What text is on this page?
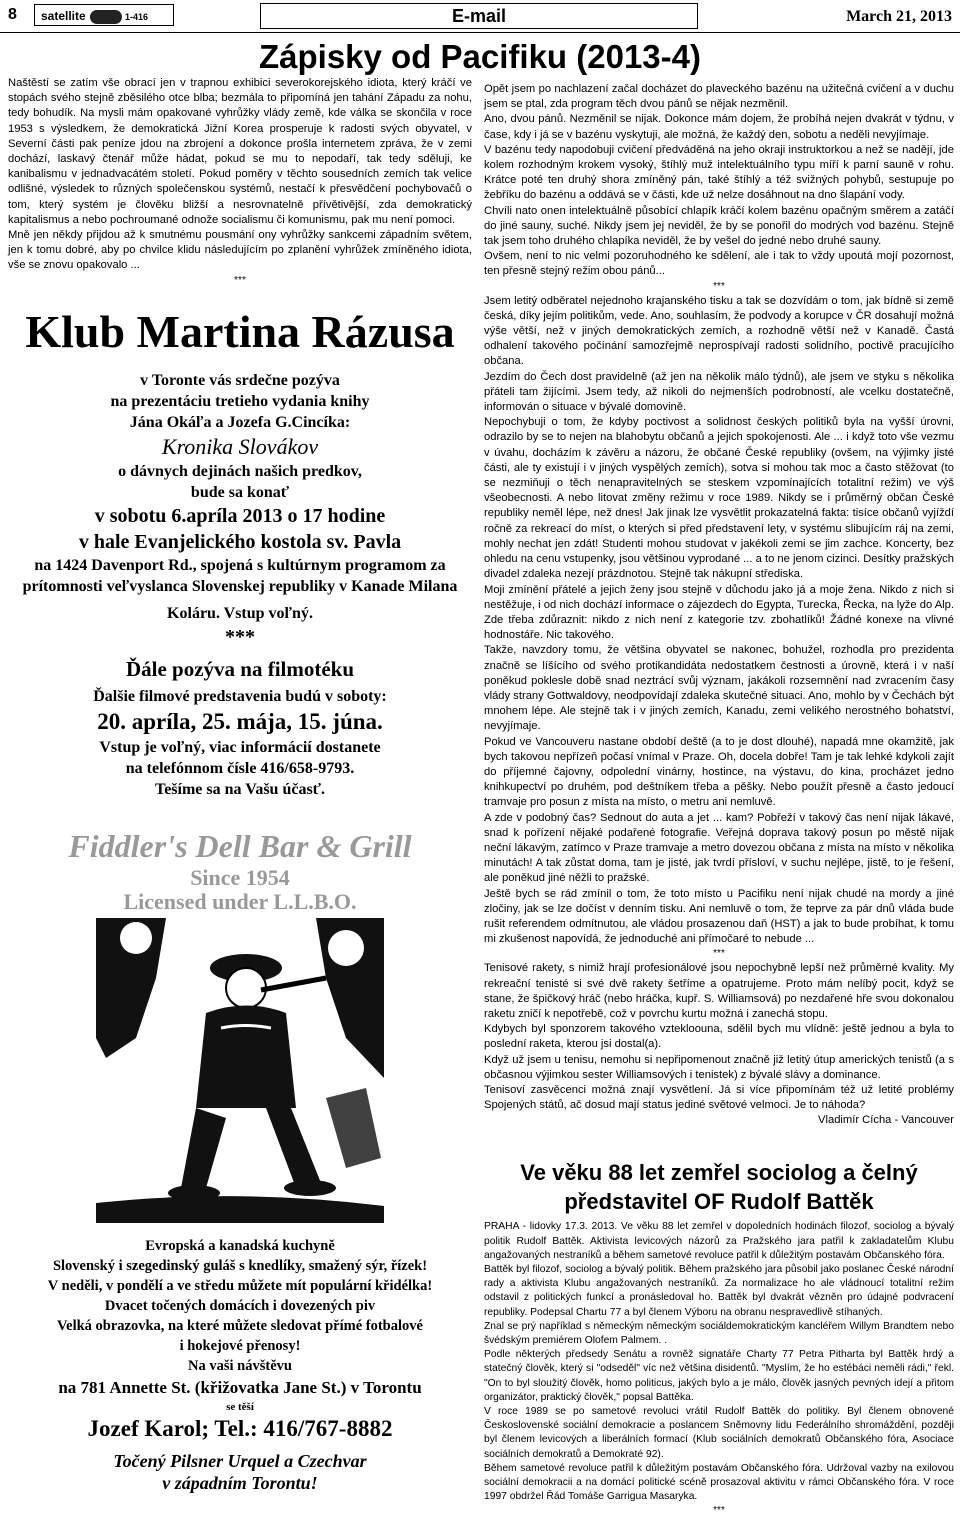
8	satellite	1-416	E-mail	March 21, 2013
Zápisky od Pacifiku (2013-4)

Naštěstí se zatím vše obrací jen v trapnou exhibici severokorejského idiota, který kráčí ve stopách svého stejně zběsilého otce blba; bezmála to připomíná jen tahání Západu za nohu, tedy bohudík. Na mysli mám opakované vyhrůžky vlády země, kde válka se skončila v roce 1953 s výsledkem, že demokratická Jižní Korea prosperuje k radosti svých obyvatel, v Severní části pak peníze jdou na zbrojení a dokonce prošla internetem zpráva, že v zemi dochází, laskavý čtenář může hádat, pokud se mu to nepodaří, tak tedy sděluji, ke kanibalismu v jednadvacátém století. Pokud poměry v těchto sousedních zemích tak velice odlišné, výsledek to různých společenskou systémů, nestačí k přesvědčení pochybovačů o tom, který systém je člověku bližší a nesrovnatelně přívětivější, zda demokratický kapitalismus a nebo pochroumané odnože socialismu či komunismu, pak mu není pomoci.

Mně jen někdy přijdou až k smutnému pousmání ony vyhrůžky sankcemi západním světem, jen k tomu dobré, aby po chvilce klidu následujícím po zplanění vyhrůžek zmíněného idiota, vše se znovu opakovalo ...

***
Klub Martina Rázusa
v Toronte vás srdečne pozýva
na prezentáciu tretieho vydania knihy
Jána Okáľa a Jozefa G.Cincíka:
Kronika Slovákov
o dávnych dejinách našich predkov,
bude sa konať
v sobotu 6.apríla 2013 o 17 hodine
v hale Evanjelického kostola sv. Pavla
na 1424 Davenport Rd., spojená s kultúrnym programom za
prítomnosti veľvyslanca Slovenskej republiky v Kanade Milana
Koláru. Vstup voľný.
***
Ďále pozýva na filmotéku
Ďalšie filmové predstavenia budú v soboty:
20. apríla, 25. mája, 15. júna.
Vstup je voľný, viac informácií dostanete
na telefónnom čísle 416/658-9793.
Tešíme sa na Vašu účasť.
Fiddler's Dell Bar & Grill
Since 1954
Licensed under L.L.B.O.
Evropská a kanadská kuchyně
Slovenský i szegedinský guláš s knedlíky, smažený sýr, řízek!
V neděli, v pondělí a ve středu můžete mít populární křidélka!
Dvacet točených domácích i dovezených piv
Velká obrazovka, na které můžete sledovat přímé fotbalové
i hokejové přenosy!
Na vaši návštěvu
na 781 Annette St. (křižovatka Jane St.) v Torontu
se těší
Jozef Karol; Tel.: 416/767-8882
Točený Pilsner Urquel a Czechvar
v západním Torontu!

Opět jsem po nachlazení začal docházet do plaveckého bazénu na užitečná cvičení a v duchu jsem se ptal, zda program těch dvou pánů se nějak nezměnil.

Ano, dvou pánů. Nezměnil se nijak. Dokonce mám dojem, že probíhá nejen dvakrát v týdnu, v čase, kdy i já se v bazénu vyskytuji, ale možná, že každý den, sobotu a neděli nevyjímaje.

V bazénu tedy napodobuji cvičení předváděná na jeho okraji instruktorkou a než se nadějí, jde kolem rozhodným krokem vysoký, štíhlý muž intelektuálního typu míří k parní sauně v rohu. Krátce poté ten druhý shora zmíněný pán, také štíhlý a též svižných pohybů, sestupuje po žebříku do bazénu a oddává se v části, kde už nelze dosáhnout na dno šlapání vody.

Chvíli nato onen intelektuálně působící chlapík kráčí kolem bazénu opačným směrem a zatáčí do jiné sauny, suché. Nikdy jsem jej neviděl, že by se ponořil do modrých vod bazénu. Stejně tak jsem toho druhého chlapíka neviděl, že by vešel do jedné nebo druhé sauny.

Ovšem, není to nic velmi pozoruhodného ke sdělení, ale i tak to vždy upoutá mojí pozornost, ten přesně stejný režim obou pánů...

***

Jsem letitý odběratel nejednoho krajanského tisku a tak se dozvídám o tom, jak bídně si země česká, díky jejím politikům, vede. Ano, souhlasím, že podvody a korupce v ČR dosahují možná výše větší, než v jiných demokratických zemích, a rozhodně větší než v Kanadě. Častá odhalení takového počínání samozřejmě neprospívají radosti solidního, poctivě pracujícího občana.

Jezdím do Čech dost pravidelně (až jen na několik málo týdnů), ale jsem ve styku s několika přáteli tam žijícími. Jsem tedy, až nikoli do nejmenších podrobností, ale vcelku dostatečně, informován o situace v bývalé domovině.

Nepochybuji o tom, že kdyby poctivost a solidnost českých politiků byla na vyšší úrovni, odrazilo by se to nejen na blahobytu občanů a jejich spokojenosti. Ale ... i když toto vše vezmu v úvahu, docházím k závěru a názoru, že občané České republiky (ovšem, na výjimky jisté části, ale ty existují i v jiných vyspělých zemích), sotva si mohou tak moc a často stěžovat (to se nezmiňuji o těch nenapravitelných se steskem vzpomínajících totalitní režim) ve výš všeobecnosti. A nebo litovat změny režimu v roce 1989. Nikdy se i průměrný občan České republiky neměl lépe, než dnes! Jak jinak lze vysvětlit prokazatelná fakta: tisíce občanů vyjíždí ročně za rekreací do míst, o kterých si před představení lety, v systému slibujícím ráj na zemi, mohly nechat jen zdát! Studenti mohou studovat v jakékoli zemi se jim zachce. Koncerty, bez ohledu na cenu vstupenky, jsou většinou vyprodané ... a to ne jenom cizinci. Desítky pražských divadel zdaleka nezejí prázdnotou. Stejně tak nákupní střediska.

Moji zmínění přátelé a jejich ženy jsou stejně v důchodu jako já a moje žena. Nikdo z nich si nestěžuje, i od nich dochází informace o zájezdech do Egypta, Turecka, Řecka, na lyže do Alp. Zde třeba zdůraznit: nikdo z nich není z kategorie tzv. zbohatlíků! Žádné konexe na vlivné hodnostáře. Nic takového.

Takže, navzdory tomu, že většina obyvatel se nakonec, bohužel, rozhodla pro prezidenta značně se líšícího od svého protikandidáta nedostatkem čestnosti a úrovně, která i v naší poněkud poklesle době snad neztrácí svůj význam, jakákoli rozsemnění nad zvracením časy vlády strany Gottwaldovy, neodpovídají zdaleka skutečné situaci. Ano, mohlo by v Čechách být mnohem lépe. Ale stejně tak i v jiných zemích, Kanadu, zemi velikého nerostného bohatství, nevyjímaje.

Pokud ve Vancouveru nastane období deště (a to je dost dlouhé), napadá mne okamžitě, jak bych takovou nepřízeň počasí vnímal v Praze. Oh, docela dobře! Tam je tak lehké kdykoli zajít do příjemné čajovny, odpolední vinárny, hostince, na výstavu, do kina, procházet jedno knihkupectví po druhém, pod deštníkem třeba a pěšky. Nebo použít přesně a často jedoucí tramvaje pro posun z místa na místo, o metru ani nemluvě.

A zde v podobný čas? Sednout do auta a jet ... kam? Pobřeží v takový čas není nijak lákavé, snad k pořízení nějaké podařené fotografie. Veřejná doprava takový posun po městě nijak neční lákavým, zatímco v Praze tramvaje a metro dovezou občana z místa na místo v několika minutách! A tak zůstat doma, tam je jisté, jak tvrdí přísloví, v suchu nejlépe, jistě, to je řešení, ale poněkud jiné něžli to pražské.

Ještě bych se rád zmínil o tom, že toto místo u Pacifiku není nijak chudé na mordy a jiné zločiny, jak se lze dočíst v denním tisku. Ani nemluvě o tom, že teprve za pár dnů vláda bude rušit referendem odmítnutou, ale vládou prosazenou daň (HST) a jak to bude probíhat, k tomu mi zkušenost napovídá, že jednoduché ani přímočaré to nebude ...

***

Tenisové rakety, s nimiž hrají profesionálové jsou nepochybně lepší než průměrné kvality. My rekreační tenisté si své dvě rakety šetříme a opatrujeme. Proto mám nelíbý pocit, když se stane, že špičkový hráč (nebo hráčka, kupř. S. Williamsová) po nezdařené hře svou dokonalou raketu zničí k nepotřebě, což v povrchu kurtu možná i zanechá stopu.

Kdybych byl sponzorem takového vztekloouna, sdělil bych mu vlídně: ještě jednou a byla to poslední raketa, kterou jsi dostal(a).

Když už jsem u tenisu, nemohu si nepřipomenout značně již letitý útup amerických tenistů (a s občasnou výjimkou sester Williamsových i tenistek) z bývalé slávy a dominance.

Tenisoví zasvěcenci možná znají vysvětlení. Já si více připomínám též už letité problémy Spojených států, ač dosud mají status jediné světové velmoci. Je to náhoda?

Vladimír Cícha - Vancouver
Ve věku 88 let zemřel sociolog a čelný představitel OF Rudolf Battěk

PRAHA - lidovky 17.3. 2013. Ve věku 88 let zemřel v dopoledních hodinách filozof, sociolog a bývalý politik Rudolf Battěk. Aktivista levicových názorů za Pražského jara patřil k zakladatelům Klubu angažovaných nestraníků a během sametové revoluce patřil k důležitým postavám Občanského fóra.

Battěk byl filozof, sociolog a bývalý politik. Během pražského jara působil jako poslanec České národní rady a aktivista Klubu angažovaných nestraníků. Za normalizace ho ale vládnoucí totalitní režim odstavil z politických funkcí a pronásledoval ho. Battěk byl dvakrát vězněn pro údajné podvracení republiky. Podepsal Chartu 77 a byl členem Výboru na obranu nespravedlivě stíhaných.

Znal se prý například s německým německým sociáldemokratickým kancléřem Willym Brandtem nebo švédským premiérem Olofem Palmem. .

Podle některých předsedy Senátu a rovněž signatáře Charty 77 Petra Pitharta byl Battěk hrdý a statečný člověk, který si "odseděl" víc než většina disidentů. "Myslím, že ho estébáci neměli rádi," řekl. "On to byl sloužitý člověk, homo politicus, jakých bylo a je málo, člověk jasných pevných idejí a přitom organizátor, praktický člověk," popsal Battěka.

V roce 1989 se po sametové revoluci vrátil Rudolf Battěk do politiky. Byl členem obnovené Československé sociální demokracie a poslancem Sněmovny lidu Federálního shromáždění, později byl členem levicových a liberálních formací (Klub sociálních demokratů Občanského fóra, Asociace sociálních demokratů a Demokraté 92).

Během sametové revoluce patřil k důležitým postavám Občanského fóra. Udržoval vazby na exilovou sociální demokracii a na domácí politické scéně prosazoval aktivitu v rámci Občanského fóra. V roce 1997 obdržel Řád Tomáše Garrigua Masaryka.

***
